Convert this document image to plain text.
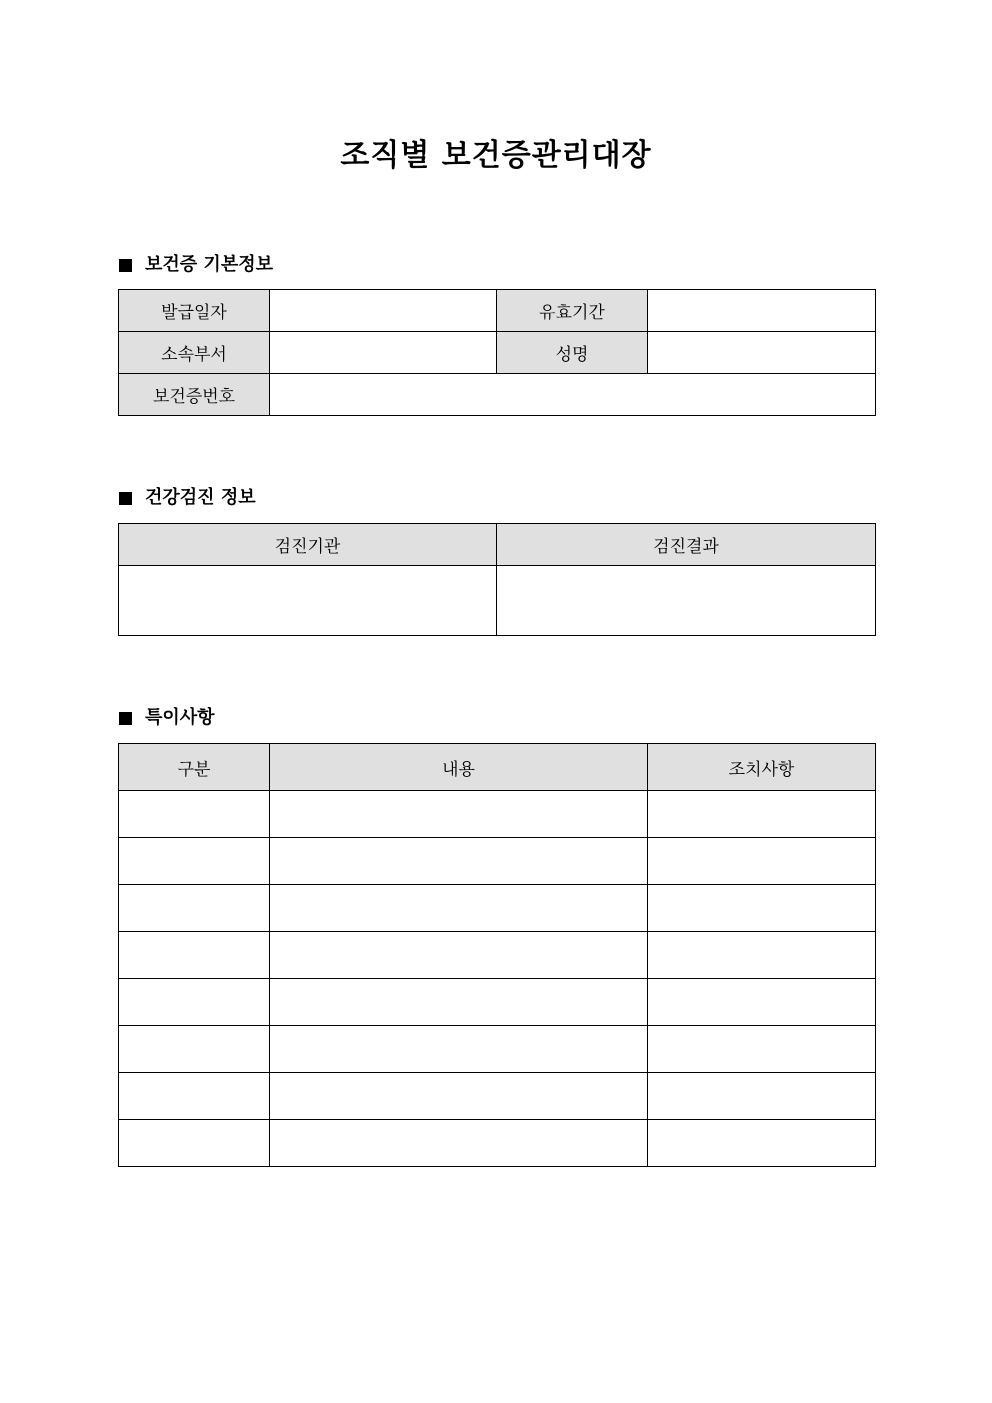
조직별 보건증관리대장
보건증 기본정보
발급일자		유효기간	
소속부서		성명	
보건증번호			
건강검진 정보
검진기관	검진결과

특이사항
구분	내용	조치사항
